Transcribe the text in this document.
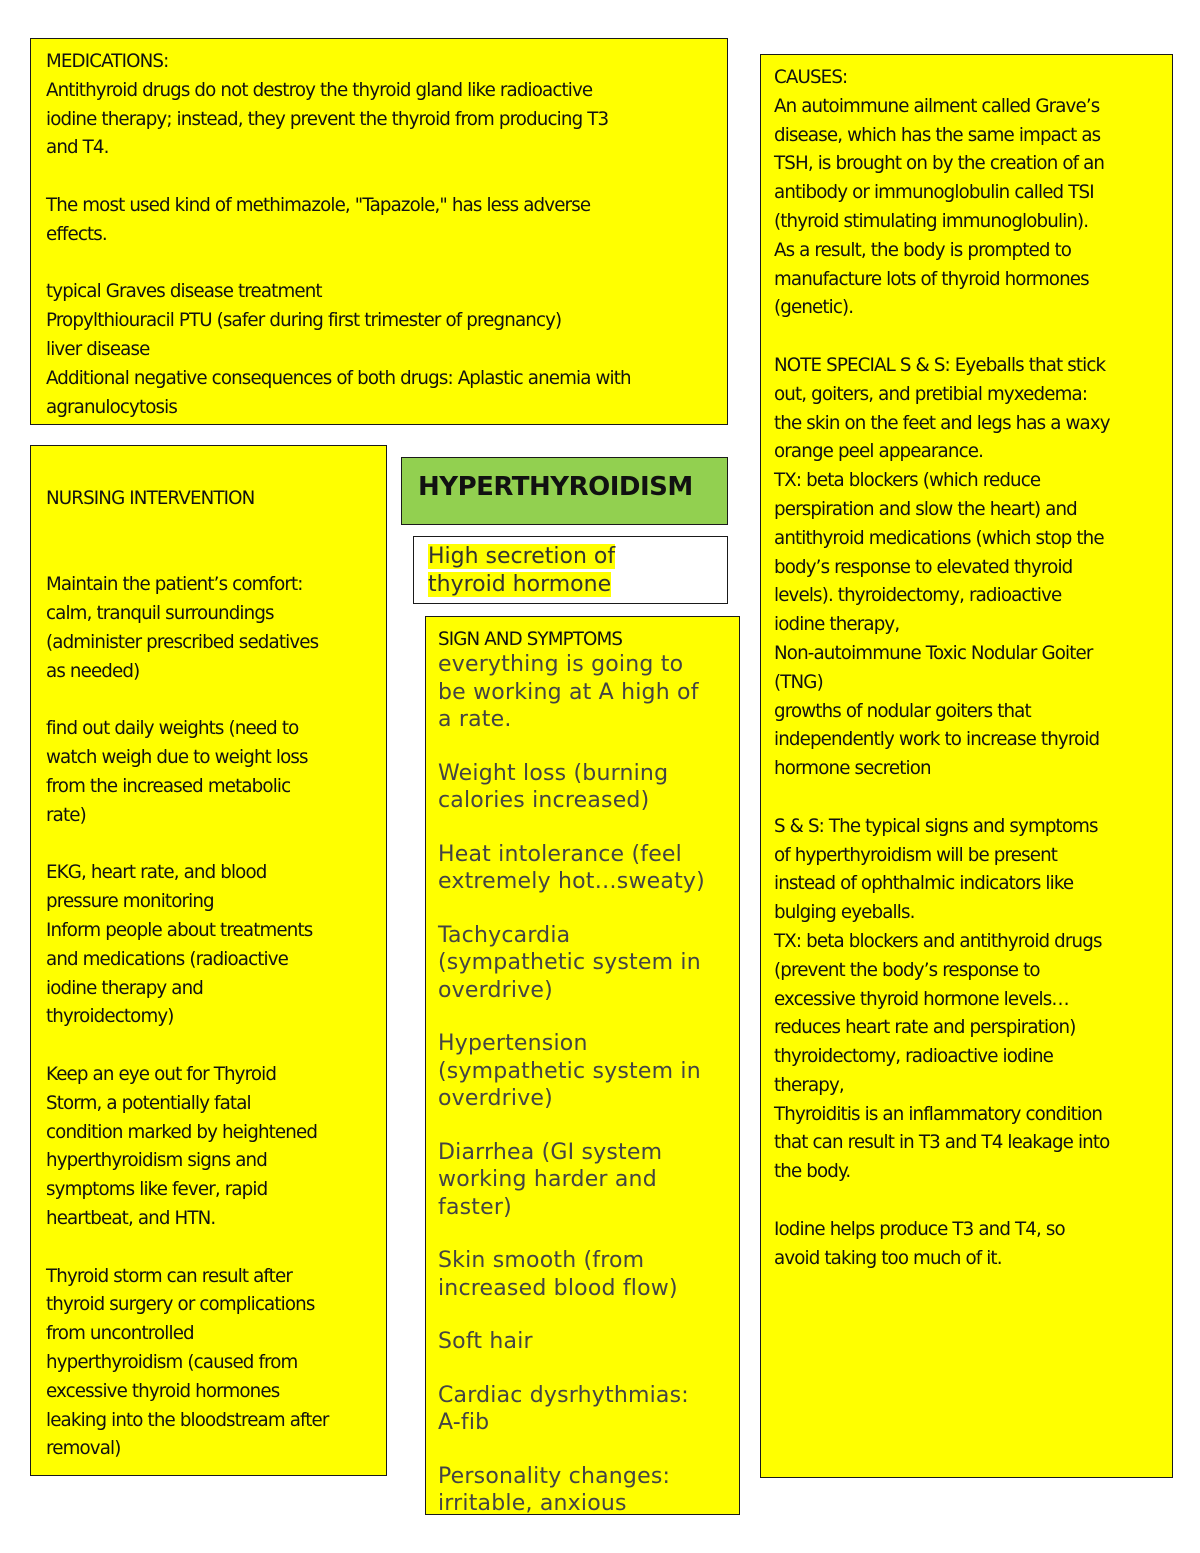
MEDICATIONS:

Antithyroid drugs do not destroy the thyroid gland like radioactive
iodine therapy; instead, they prevent the thyroid from producing T3
and T4.

The most used kind of methimazole, "Tapazole," has less adverse
effects.

typical Graves disease treatment
Propylthiouracil PTU (safer during first trimester of pregnancy)
liver disease
Additional negative consequences of both drugs: Aplastic anemia with
agranulocytosis

NURSING INTERVENTION

Maintain the patient’s comfort:
calm, tranquil surroundings
(administer prescribed sedatives
as needed)

find out daily weights (need to
watch weigh due to weight loss
from the increased metabolic
rate)

EKG, heart rate, and blood
pressure monitoring
Inform people about treatments
and medications (radioactive
iodine therapy and
thyroidectomy)

Keep an eye out for Thyroid
Storm, a potentially fatal
condition marked by heightened
hyperthyroidism signs and
symptoms like fever, rapid
heartbeat, and HTN.

Thyroid storm can result after
thyroid surgery or complications
from uncontrolled
hyperthyroidism (caused from
excessive thyroid hormones
leaking into the bloodstream after
removal)

HYPERTHYROIDISM
High secretion of
thyroid hormone

SIGN AND SYMPTOMS

everything is going to
be working at A high of
a rate.

Weight loss (burning
calories increased)

Heat intolerance (feel
extremely hot…sweaty)

Tachycardia
(sympathetic system in
overdrive)

Hypertension
(sympathetic system in
overdrive)

Diarrhea (GI system
working harder and
faster)

Skin smooth (from
increased blood flow)

Soft hair

Cardiac dysrhythmias:
A-fib

Personality changes:
irritable, anxious

CAUSES:

An autoimmune ailment called Grave’s
disease, which has the same impact as
TSH, is brought on by the creation of an
antibody or immunoglobulin called TSI
(thyroid stimulating immunoglobulin).
As a result, the body is prompted to
manufacture lots of thyroid hormones
(genetic).

NOTE SPECIAL S & S: Eyeballs that stick
out, goiters, and pretibial myxedema:
the skin on the feet and legs has a waxy
orange peel appearance.
TX: beta blockers (which reduce
perspiration and slow the heart) and
antithyroid medications (which stop the
body’s response to elevated thyroid
levels). thyroidectomy, radioactive
iodine therapy,
Non-autoimmune Toxic Nodular Goiter
(TNG)
growths of nodular goiters that
independently work to increase thyroid
hormone secretion

S & S: The typical signs and symptoms
of hyperthyroidism will be present
instead of ophthalmic indicators like
bulging eyeballs.
TX: beta blockers and antithyroid drugs
(prevent the body’s response to
excessive thyroid hormone levels…
reduces heart rate and perspiration)
thyroidectomy, radioactive iodine
therapy,
Thyroiditis is an inflammatory condition
that can result in T3 and T4 leakage into
the body.

Iodine helps produce T3 and T4, so
avoid taking too much of it.
